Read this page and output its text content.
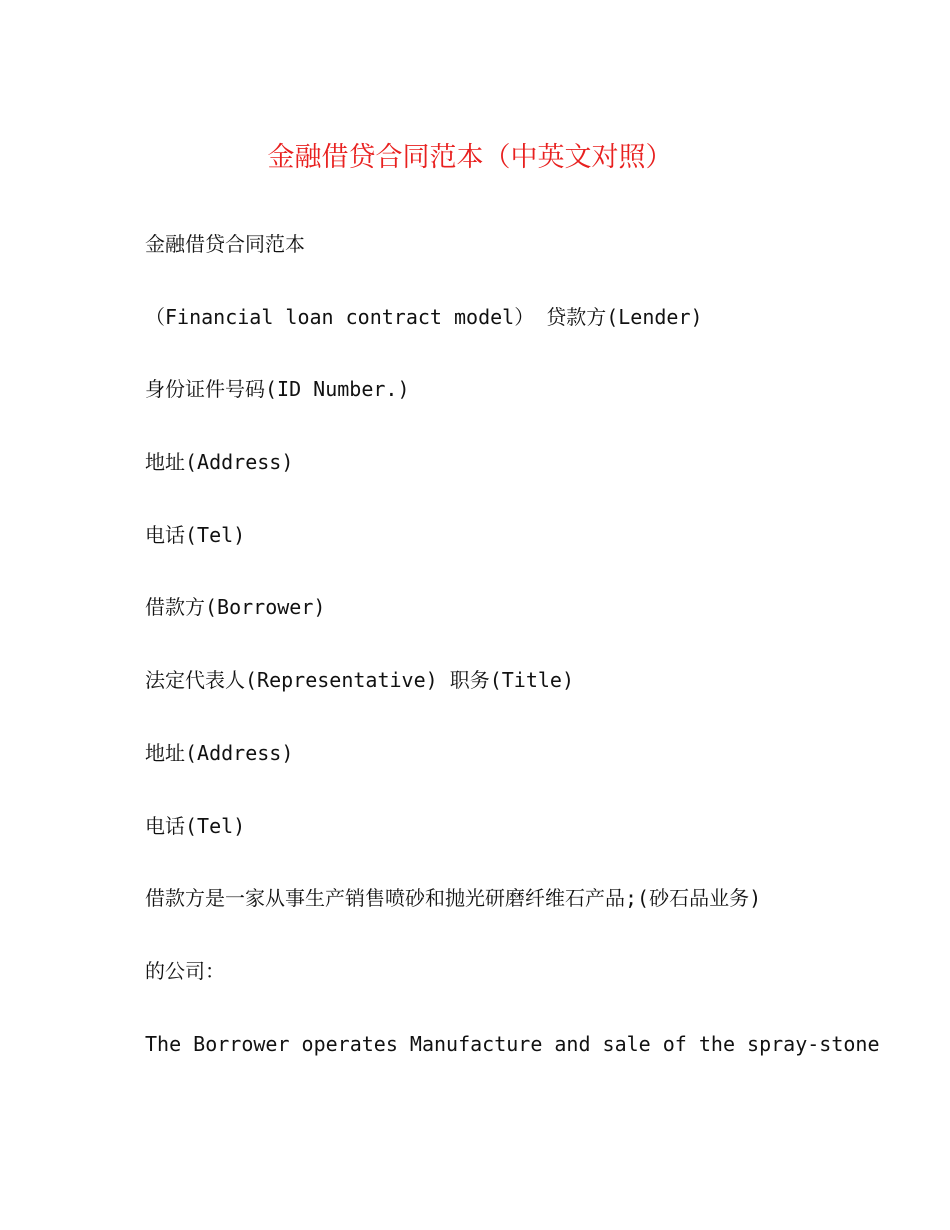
金融借贷合同范本（中英文对照）
金融借贷合同范本
（Financial loan contract model） 贷款方(Lender)
身份证件号码(ID Number.)
地址(Address)
电话(Tel)
借款方(Borrower)
法定代表人(Representative) 职务(Title)
地址(Address)
电话(Tel)
借款方是一家从事生产销售喷砂和抛光研磨纤维石产品;(砂石品业务)
的公司：
The Borrower operates Manufacture and sale of the spray-stone
